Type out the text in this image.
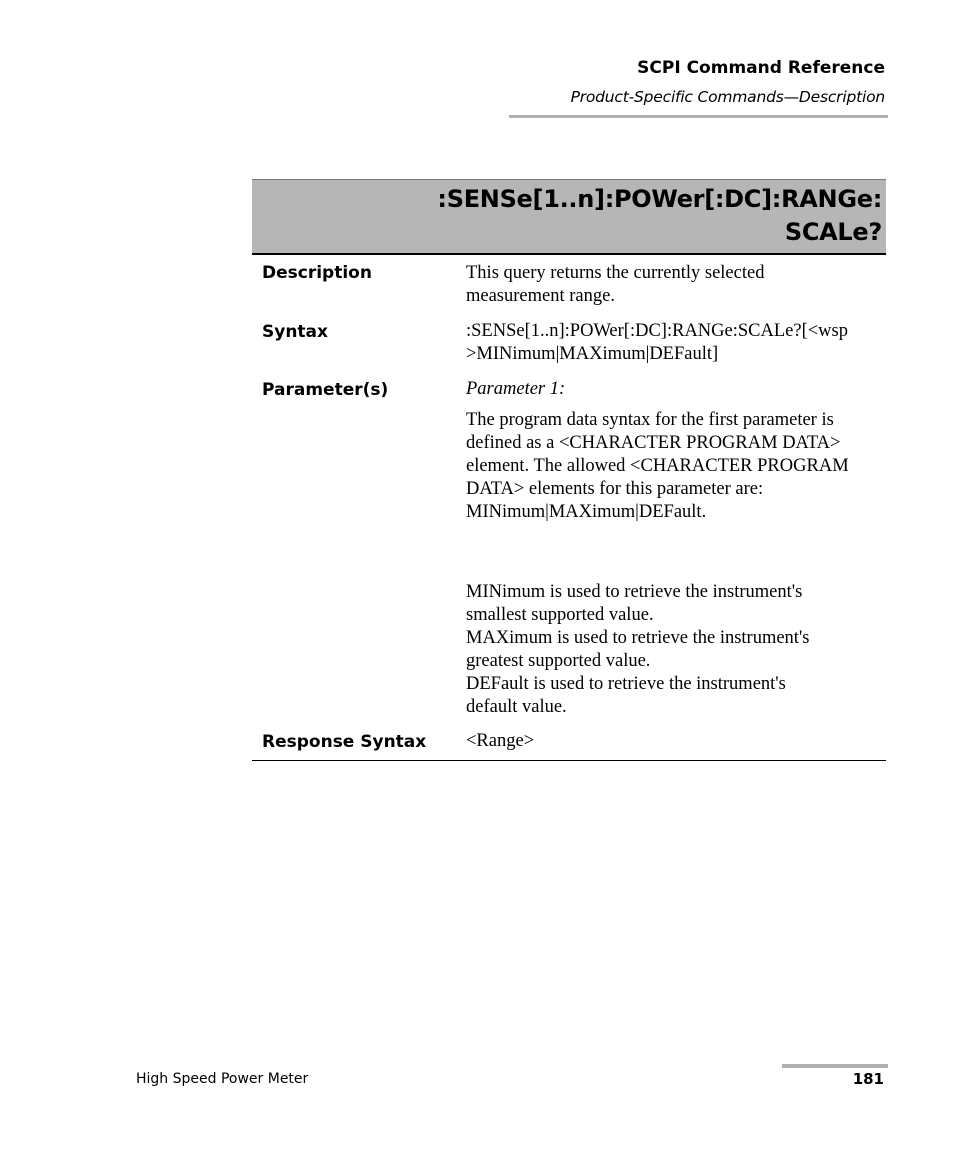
SCPI Command Reference
Product-Specific Commands—Description
:SENSe[1..n]:POWer[:DC]:RANGe:
SCALe?
Description	This query returns the currently selected
measurement range.
Syntax	:SENSe[1..n]:POWer[:DC]:RANGe:SCALe?[<wsp
>MINimum|MAXimum|DEFault]
Parameter(s)	Parameter 1:
The program data syntax for the first parameter is
defined as a <CHARACTER PROGRAM DATA>
element. The allowed <CHARACTER PROGRAM
DATA> elements for this parameter are:
MINimum|MAXimum|DEFault.
MINimum is used to retrieve the instrument's
smallest supported value.
MAXimum is used to retrieve the instrument's
greatest supported value.
DEFault is used to retrieve the instrument's
default value.
Response Syntax <Range>
High Speed Power Meter	181
